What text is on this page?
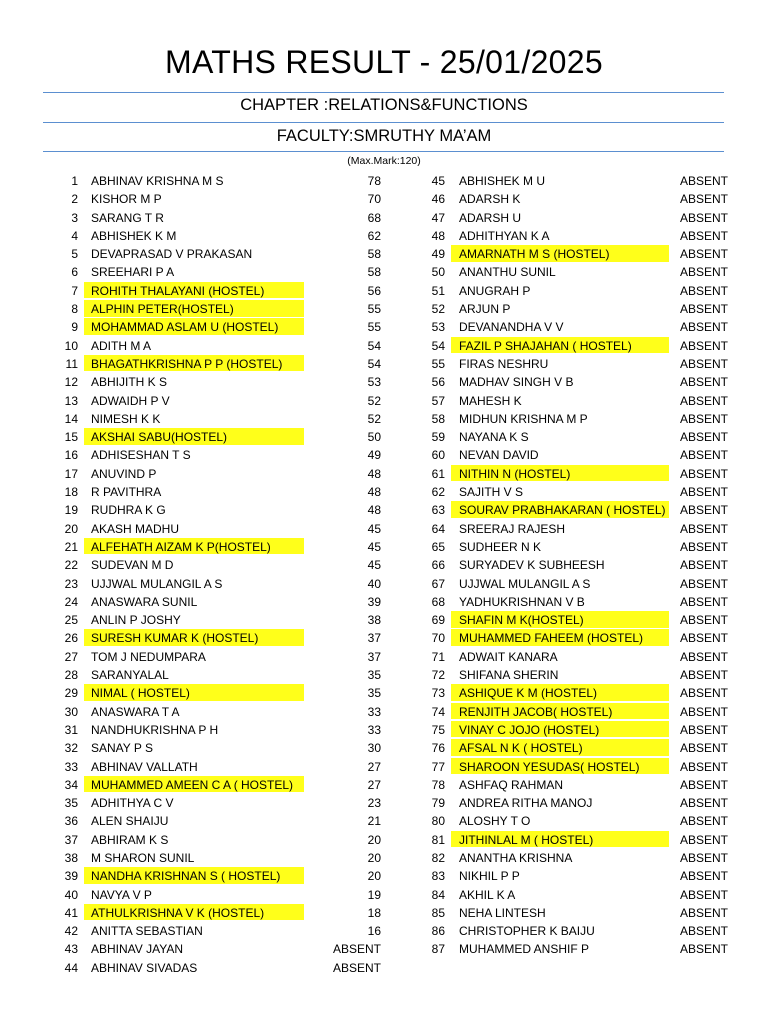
MATHS RESULT - 25/01/2025
CHAPTER :RELATIONS&FUNCTIONS
FACULTY:SMRUTHY MA’AM
(Max.Mark:120)
1 ABHINAV KRISHNA M S	78
2 KISHOR M P	70
3 SARANG T R	68
4 ABHISHEK K M	62
5 DEVAPRASAD V PRAKASAN	58
6 SREEHARI P A	58
7 ROHITH THALAYANI (HOSTEL)	56
8 ALPHIN PETER(HOSTEL)	55
9 MOHAMMAD ASLAM U (HOSTEL)	55
10 ADITH M A	54
11 BHAGATHKRISHNA P P (HOSTEL)	54
12 ABHIJITH K S	53
13 ADWAIDH P V	52
14 NIMESH K K	52
15 AKSHAI SABU(HOSTEL)	50
16 ADHISESHAN T S	49
17 ANUVIND P	48
18 R PAVITHRA	48
19 RUDHRA K G	48
20 AKASH MADHU	45
21 ALFEHATH AIZAM K P(HOSTEL)	45
22 SUDEVAN M D	45
23 UJJWAL MULANGIL A S	40
24 ANASWARA SUNIL	39
25 ANLIN P JOSHY	38
26 SURESH KUMAR K (HOSTEL)	37
27 TOM J NEDUMPARA	37
28 SARANYALAL	35
29 NIMAL ( HOSTEL)	35
30 ANASWARA T A	33
31 NANDHUKRISHNA P H	33
32 SANAY P S	30
33 ABHINAV VALLATH	27
34 MUHAMMED AMEEN C A ( HOSTEL)	27
35 ADHITHYA C V	23
36 ALEN SHAIJU	21
37 ABHIRAM K S	20
38 M SHARON SUNIL	20
39 NANDHA KRISHNAN S ( HOSTEL)	20
40 NAVYA V P	19
41 ATHULKRISHNA V K (HOSTEL)	18
42 ANITTA SEBASTIAN	16
43 ABHINAV JAYAN	ABSENT
44 ABHINAV SIVADAS	ABSENT
45 ABHISHEK M U	ABSENT
46 ADARSH K	ABSENT
47 ADARSH U	ABSENT
48 ADHITHYAN K A	ABSENT
49 AMARNATH M S (HOSTEL)	ABSENT
50 ANANTHU SUNIL	ABSENT
51 ANUGRAH P	ABSENT
52 ARJUN P	ABSENT
53 DEVANANDHA V V	ABSENT
54 FAZIL P SHAJAHAN ( HOSTEL)	ABSENT
55 FIRAS NESHRU	ABSENT
56 MADHAV SINGH V B	ABSENT
57 MAHESH K	ABSENT
58 MIDHUN KRISHNA M P	ABSENT
59 NAYANA K S	ABSENT
60 NEVAN DAVID	ABSENT
61 NITHIN N (HOSTEL)	ABSENT
62 SAJITH V S	ABSENT
63 SOURAV PRABHAKARAN ( HOSTEL) ABSENT
64 SREERAJ RAJESH	ABSENT
65 SUDHEER N K	ABSENT
66 SURYADEV K SUBHEESH	ABSENT
67 UJJWAL MULANGIL A S	ABSENT
68 YADHUKRISHNAN V B	ABSENT
69 SHAFIN M K(HOSTEL)	ABSENT
70 MUHAMMED FAHEEM (HOSTEL)	ABSENT
71 ADWAIT KANARA	ABSENT
72 SHIFANA SHERIN	ABSENT
73 ASHIQUE K M (HOSTEL)	ABSENT
74 RENJITH JACOB( HOSTEL)	ABSENT
75 VINAY C JOJO (HOSTEL)	ABSENT
76 AFSAL N K ( HOSTEL)	ABSENT
77 SHAROON YESUDAS( HOSTEL)	ABSENT
78 ASHFAQ RAHMAN	ABSENT
79 ANDREA RITHA MANOJ	ABSENT
80 ALOSHY T O	ABSENT
81 JITHINLAL M ( HOSTEL)	ABSENT
82 ANANTHA KRISHNA	ABSENT
83 NIKHIL P P	ABSENT
84 AKHIL K A	ABSENT
85 NEHA LINTESH	ABSENT
86 CHRISTOPHER K BAIJU	ABSENT
87 MUHAMMED ANSHIF P	ABSENT
